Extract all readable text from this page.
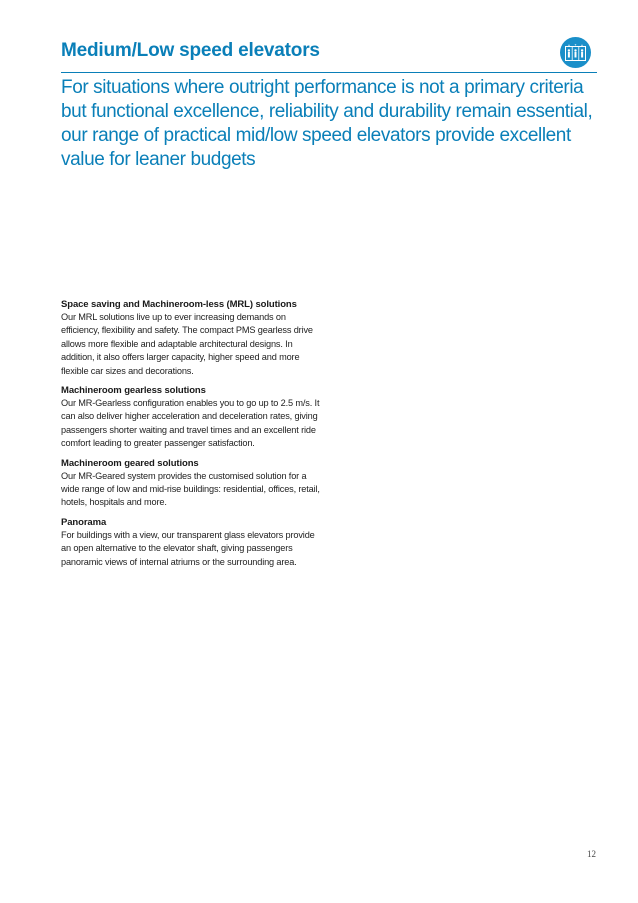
Medium/Low speed elevators

For situations where outright performance is not a primary criteria but functional excellence, reliability and durability remain essential, our range of practical mid/low speed elevators provide excellent value for leaner budgets

Space saving and Machineroom-less (MRL) solutions

Our MRL solutions live up to ever increasing demands on efficiency, flexibility and safety. The compact PMS gearless drive allows more flexible and adaptable architectural designs. In addition, it also offers larger capacity, higher speed and more flexible car sizes and decorations.

Machineroom gearless solutions

Our MR-Gearless configuration enables you to go up to 2.5 m/s. It can also deliver higher acceleration and deceleration rates, giving passengers shorter waiting and travel times and an excellent ride comfort leading to greater passenger satisfaction.

Machineroom geared solutions

Our MR-Geared system provides the customised solution for a wide range of low and mid-rise buildings: residential, offices, retail, hotels, hospitals and more.

Panorama

For buildings with a view, our transparent glass elevators provide an open alternative to the elevator shaft, giving passengers panoramic views of internal atriums or the surrounding area.

12
